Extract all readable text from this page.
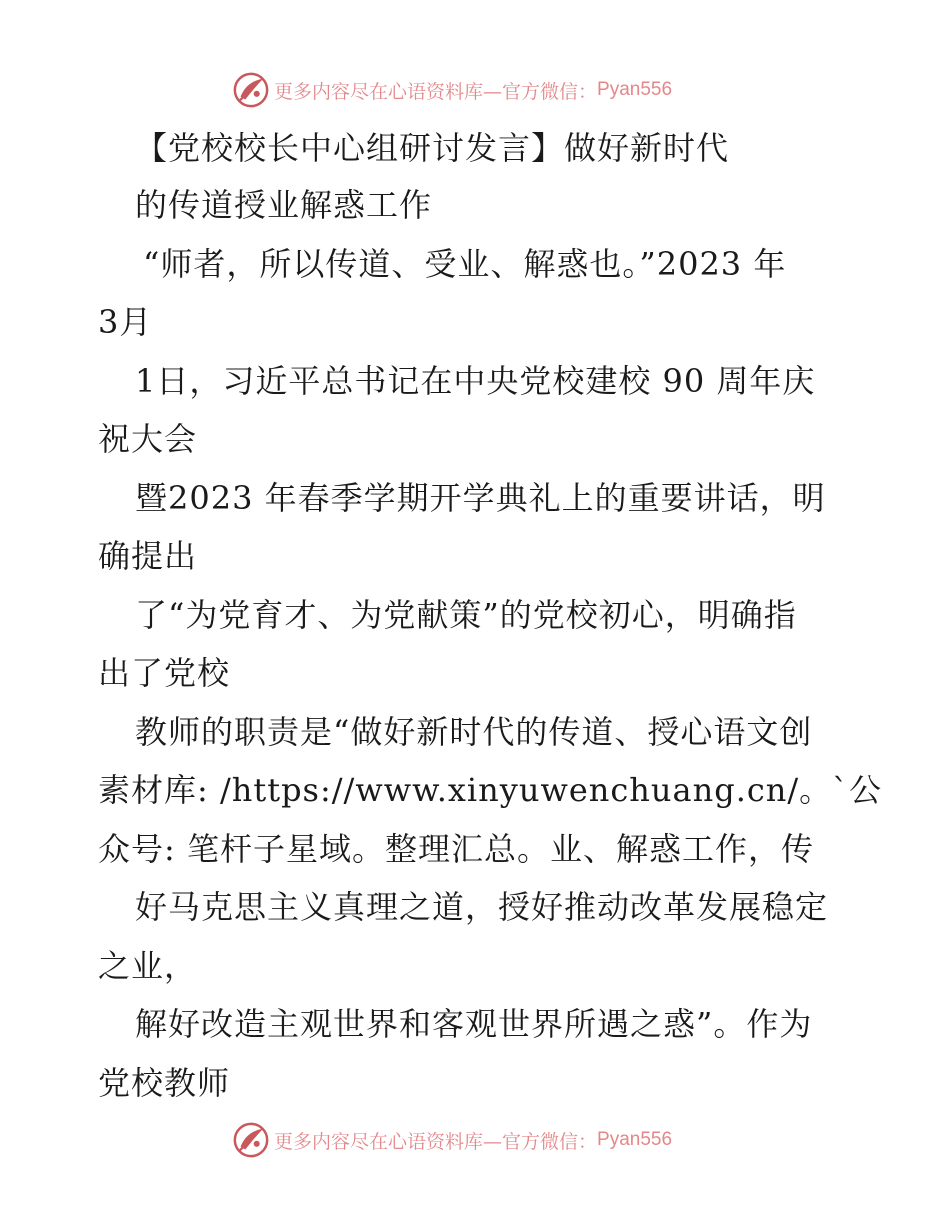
更多内容尽在心语资料库—官方微信： Pyan556
【党校校长中心组研讨发言】做好新时代
的传道授业解惑工作
“师者，所以传道、受业、解惑也。”2023 年
3月
1日，习近平总书记在中央党校建校 90 周年庆
祝大会
暨2023 年春季学期开学典礼上的重要讲话，明
确提出
了“为党育才、为党献策”的党校初心，明确指
出了党校
教师的职责是“做好新时代的传道、授心语文创
素材库: /https://www.xinyuwenchuang.cn/。`公
众号: 笔杆子星域。整理汇总。业、解惑工作，传
好马克思主义真理之道，授好推动改革发展稳定
之业，
解好改造主观世界和客观世界所遇之惑”。作为
党校教师
更多内容尽在心语资料库—官方微信： Pyan556
